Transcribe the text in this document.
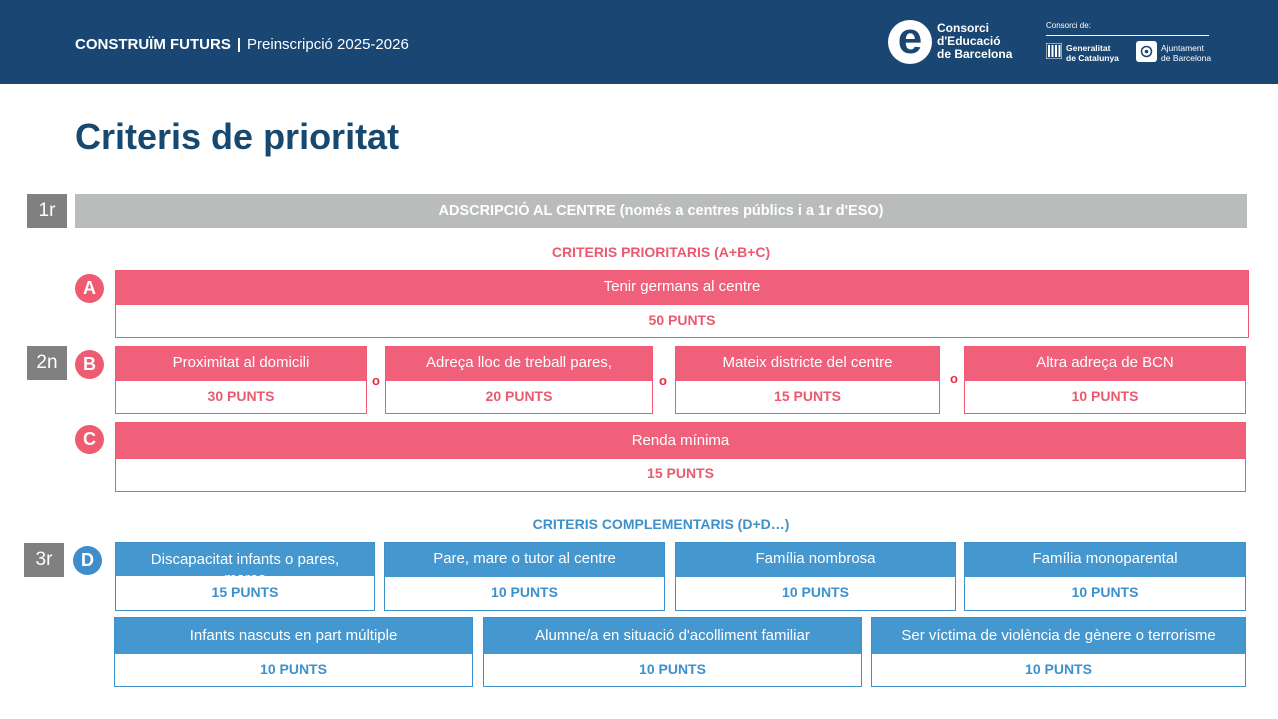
CONSTRUÏM FUTURS | Preinscripció 2025-2026	e	Consorci
d'Educació
de Barcelona
Consorci de:
Generalitat
de Catalunya
Ajuntament
de Barcelona
Criteris de prioritat
1r	ADSCRIPCIÓ AL CENTRE (només a centres públics i a 1r d'ESO)
CRITERIS PRIORITARIS (A+B+C)
A	Tenir germans al centre
50 PUNTS
2n	B	Proximitat al domicili
30 PUNTS
o
Adreça lloc de treball pares,
20 PUNTS
o
Mateix districte del centre
15 PUNTS
o
Altra adreça de BCN
10 PUNTS
C	Renda mínima
15 PUNTS
CRITERIS COMPLEMENTARIS (D+D…)
3r	D	Discapacitat infants o pares,
15 PUNTS
Pare, mare o tutor al centre
10 PUNTS
Família nombrosa
10 PUNTS
Família monoparental
10 PUNTS
Infants nascuts en part múltiple
10 PUNTS
Alumne/a en situació d'acolliment familiar
10 PUNTS
Ser víctima de violència de gènere o terrorisme
10 PUNTS
